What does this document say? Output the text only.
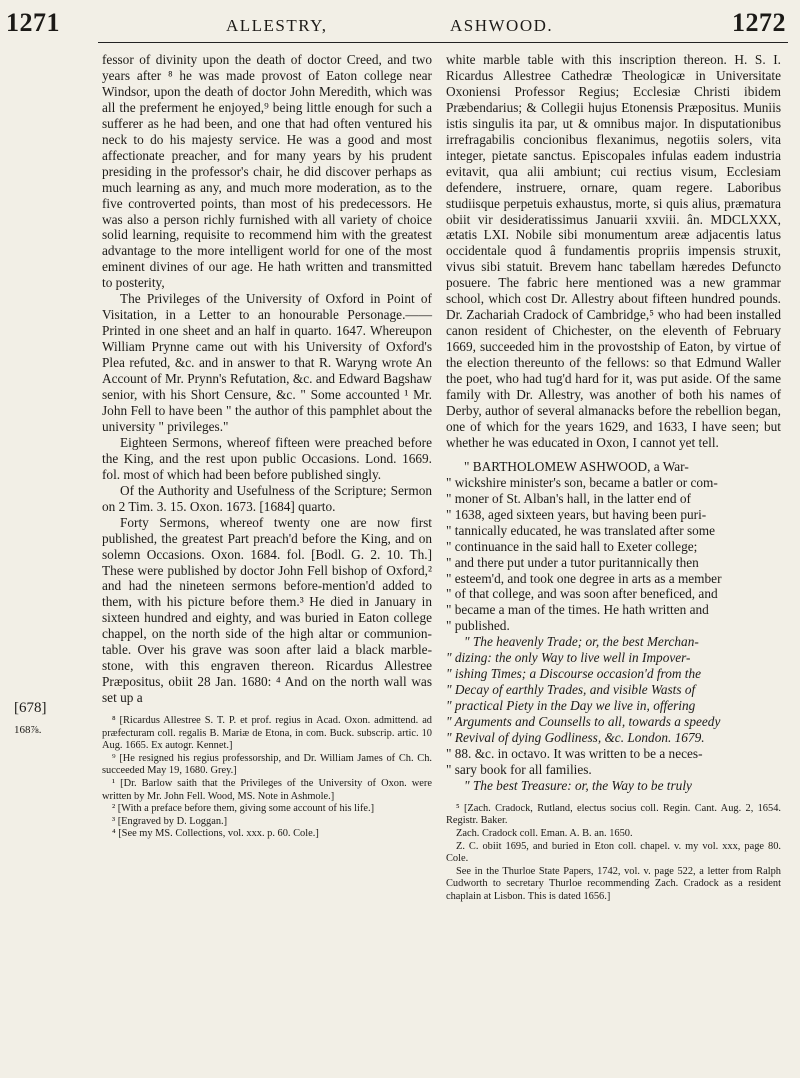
1271	ALLESTRY,	ASHWOOD.	1272
[678]
168⅞.

fessor of divinity upon the death of doctor Creed, and two years after ⁸ he was made provost of Eaton college near Windsor, upon the death of doctor John Meredith, which was all the preferment he enjoyed,⁹ being little enough for such a sufferer as he had been, and one that had often ventured his neck to do his majesty service. He was a good and most affectionate preacher, and for many years by his prudent presiding in the professor's chair, he did discover perhaps as much learning as any, and much more moderation, as to the five controverted points, than most of his predecessors. He was also a person richly furnished with all variety of choice solid learning, requisite to recommend him with the greatest advantage to the more intelligent world for one of the most eminent divines of our age. He hath written and transmitted to posterity,

The Privileges of the University of Oxford in Point of Visitation, in a Letter to an honourable Personage.——Printed in one sheet and an half in quarto. 1647. Whereupon William Prynne came out with his University of Oxford's Plea refuted, &c. and in answer to that R. Waryng wrote An Account of Mr. Prynn's Refutation, &c. and Edward Bagshaw senior, with his Short Censure, &c. " Some accounted ¹ Mr. John Fell to have been " the author of this pamphlet about the university " privileges."

Eighteen Sermons, whereof fifteen were preached before the King, and the rest upon public Occasions. Lond. 1669. fol. most of which had been before published singly.

Of the Authority and Usefulness of the Scripture; Sermon on 2 Tim. 3. 15. Oxon. 1673. [1684] quarto.

Forty Sermons, whereof twenty one are now first published, the greatest Part preach'd before the King, and on solemn Occasions. Oxon. 1684. fol. [Bodl. G. 2. 10. Th.] These were published by doctor John Fell bishop of Oxford,² and had the nineteen sermons before-mention'd added to them, with his picture before them.³ He died in January in sixteen hundred and eighty, and was buried in Eaton college chappel, on the north side of the high altar or communion-table. Over his grave was soon after laid a black marble-stone, with this engraven thereon. Ricardus Allestree Præpositus, obiit 28 Jan. 1680: ⁴ And on the north wall was set up a

⁸ [Ricardus Allestree S. T. P. et prof. regius in Acad. Oxon. admittend. ad præfecturam coll. regalis B. Mariæ de Etona, in com. Buck. subscrip. artic. 10 Aug. 1665. Ex autogr. Kennet.]

⁹ [He resigned his regius professorship, and Dr. William James of Ch. Ch. succeeded May 19, 1680. Grey.]

¹ [Dr. Barlow saith that the Privileges of the University of Oxon. were written by Mr. John Fell. Wood, MS. Note in Ashmole.]

² [With a preface before them, giving some account of his life.]

³ [Engraved by D. Loggan.]

⁴ [See my MS. Collections, vol. xxx. p. 60. Cole.]

white marble table with this inscription thereon. H. S. I. Ricardus Allestree Cathedræ Theologicæ in Universitate Oxoniensi Professor Regius; Ecclesiæ Christi ibidem Præbendarius; & Collegii hujus Etonensis Præpositus. Muniis istis singulis ita par, ut & omnibus major. In disputationibus irrefragabilis concionibus flexanimus, negotiis solers, vita integer, pietate sanctus. Episcopales infulas eadem industria evitavit, qua alii ambiunt; cui rectius visum, Ecclesiam defendere, instruere, ornare, quam regere. Laboribus studiisque perpetuis exhaustus, morte, si quis alius, præmatura obiit vir desideratissimus Januarii xxviii. ân. MDCLXXX, ætatis LXI. Nobile sibi monumentum areæ adjacentis latus occidentale quod â fundamentis propriis impensis struxit, vivus sibi statuit. Brevem hanc tabellam hæredes Defuncto posuere. The fabric here mentioned was a new grammar school, which cost Dr. Allestry about fifteen hundred pounds. Dr. Zachariah Cradock of Cambridge,⁵ who had been installed canon resident of Chichester, on the eleventh of February 1669, succeeded him in the provostship of Eaton, by virtue of the election thereunto of the fellows: so that Edmund Waller the poet, who had tug'd hard for it, was put aside. Of the same family with Dr. Allestry, was another of both his names of Derby, author of several almanacks before the rebellion began, one of which for the years 1629, and 1633, I have seen; but whether he was educated in Oxon, I cannot yet tell.

" BARTHOLOMEW ASHWOOD, a War-

" wickshire minister's son, became a batler or com-

" moner of St. Alban's hall, in the latter end of

" 1638, aged sixteen years, but having been puri-

" tannically educated, he was translated after some

" continuance in the said hall to Exeter college;

" and there put under a tutor puritannically then

" esteem'd, and took one degree in arts as a member

" of that college, and was soon after beneficed, and

" became a man of the times. He hath written and

" published.

" The heavenly Trade; or, the best Merchan-

" dizing: the only Way to live well in Impover-

" ishing Times; a Discourse occasion'd from the

" Decay of earthly Trades, and visible Wasts of

" practical Piety in the Day we live in, offering

" Arguments and Counsells to all, towards a speedy

" Revival of dying Godliness, &c. London. 1679.

" 88. &c. in octavo. It was written to be a neces-

" sary book for all families.

" The best Treasure: or, the Way to be truly

⁵ [Zach. Cradock, Rutland, electus socius coll. Regin. Cant. Aug. 2, 1654. Registr. Baker.

Zach. Cradock coll. Eman. A. B. an. 1650.

Z. C. obiit 1695, and buried in Eton coll. chapel. v. my vol. xxx, page 80. Cole.

See in the Thurloe State Papers, 1742, vol. v. page 522, a letter from Ralph Cudworth to secretary Thurloe recommending Zach. Cradock as a resident chaplain at Lisbon. This is dated 1656.]
